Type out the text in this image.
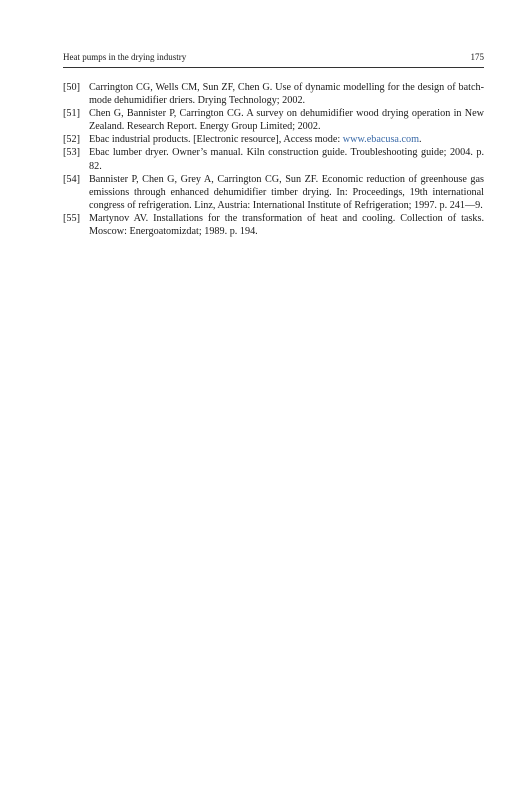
Heat pumps in the drying industry	175
[50] Carrington CG, Wells CM, Sun ZF, Chen G. Use of dynamic modelling for the design of batch-mode dehumidifier driers. Drying Technology; 2002.
[51] Chen G, Bannister P, Carrington CG. A survey on dehumidifier wood drying operation in New Zealand. Research Report. Energy Group Limited; 2002.
[52] Ebac industrial products. [Electronic resource], Access mode: www.ebacusa.com.
[53] Ebac lumber dryer. Owner’s manual. Kiln construction guide. Troubleshooting guide; 2004. p. 82.
[54] Bannister P, Chen G, Grey A, Carrington CG, Sun ZF. Economic reduction of greenhouse gas emissions through enhanced dehumidifier timber drying. In: Proceedings, 19th international congress of refrigeration. Linz, Austria: International Institute of Refrigeration; 1997. p. 241—9.
[55] Martynov AV. Installations for the transformation of heat and cooling. Collection of tasks. Moscow: Energoatomizdat; 1989. p. 194.
